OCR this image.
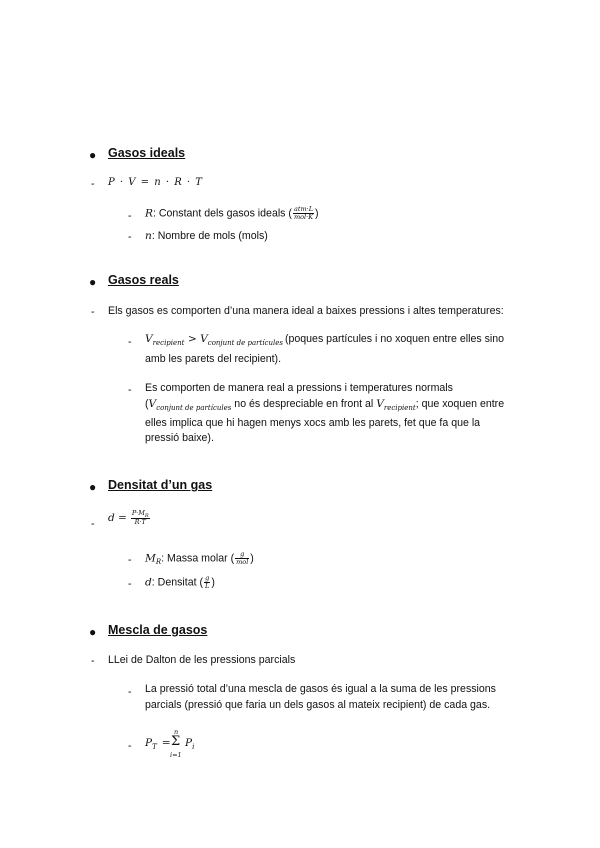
● Gasos ideals
- P · V = n · R · T
- R: Constant dels gasos ideals ( $\frac{\text{atm·L}}{\text{mol·K}}$ )
- n: Nombre de mols (mols)
● Gasos reals
- Els gasos es comporten d’una manera ideal a baixes pressions i altes temperatures:
- $V_{recipient} > V_{conjunt de partícules}$ (poques partícules i no xoquen entre elles sino
amb les parets del recipient).
- Es comporten de manera real a pressions i temperatures normals
($V_{conjunt de partícules}$ no és despreciable en front al $V_{recipient}$; que xoquen entre
elles implica que hi hagen menys xocs amb les parets, fet que fa que la
pressió baixe).
● Densitat d’un gas
-
$d = \frac{P\cdot M_R}{R\cdot T}$
- $M_R$: Massa molar ( $\frac{g}{\text{mol}}$ )
- d: Densitat ( $\frac{g}{L}$ )
● Mescla de gasos
- LLei de Dalton de les pressions parcials
- La pressió total d’una mescla de gasos és igual a la suma de les pressions
parcials (pressió que faria un dels gasos al mateix recipient) de cada gas.
- $P_T$ =
n
Σ
i=1
$P_i$
